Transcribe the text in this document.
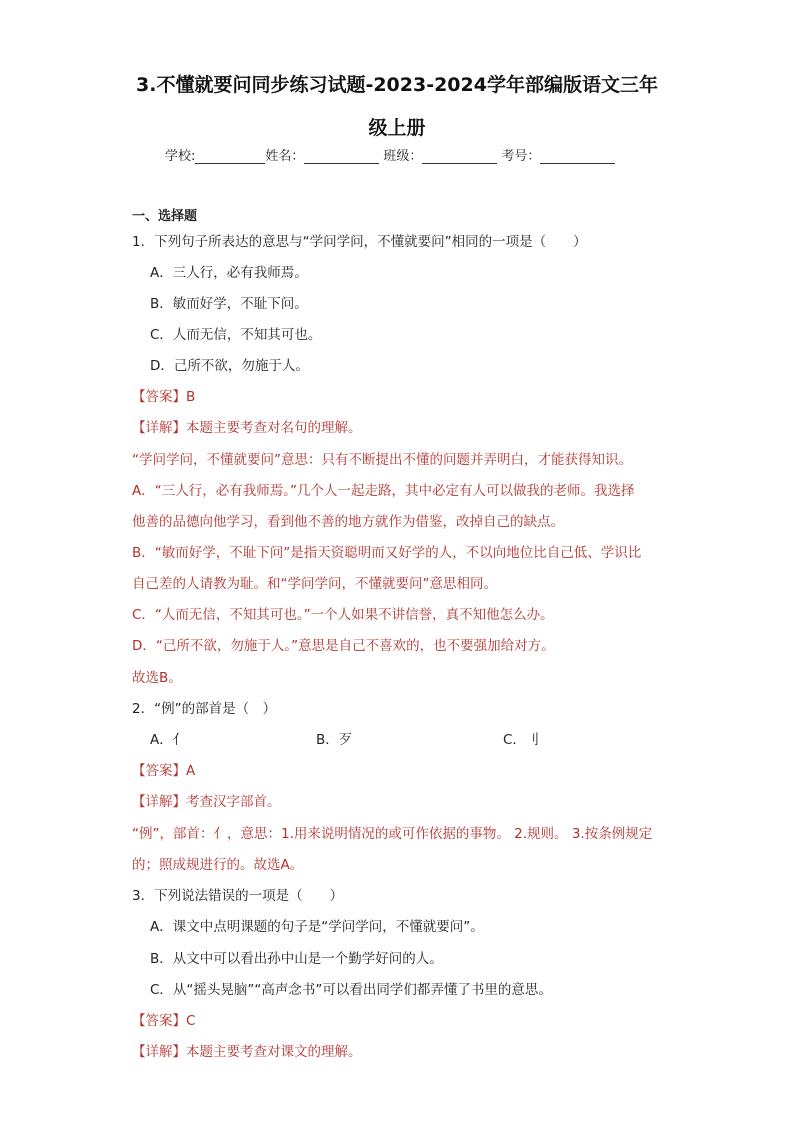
3.不懂就要问同步练习试题-2023-2024学年部编版语文三年
级上册
学校:	姓名：	班级：	考号：
一、选择题
1．下列句子所表达的意思与“学问学问，不懂就要问”相同的一项是（　　）
A．三人行，必有我师焉。
B．敏而好学，不耻下问。
C．人而无信，不知其可也。
D．己所不欲，勿施于人。
【答案】B
【详解】本题主要考查对名句的理解。
“学问学问，不懂就要问”意思：只有不断提出不懂的问题并弄明白，才能获得知识。
A．“三人行，必有我师焉。”几个人一起走路，其中必定有人可以做我的老师。我选择
他善的品德向他学习，看到他不善的地方就作为借鉴，改掉自己的缺点。
B．“敏而好学，不耻下问”是指天资聪明而又好学的人，不以向地位比自己低、学识比
自己差的人请教为耻。和“学问学问，不懂就要问”意思相同。
C．“人而无信，不知其可也。”一个人如果不讲信誉，真不知他怎么办。
D．“己所不欲，勿施于人。”意思是自己不喜欢的，也不要强加给对方。
故选B。
2．“例”的部首是（　）
A．亻	B．歹	C．刂
【答案】A
【详解】考查汉字部首。
“例”，部首：亻，意思：1.用来说明情况的或可作依据的事物。 2.规则。 3.按条例规定
的；照成规进行的。故选A。
3．下列说法错误的一项是（　　）
A．课文中点明课题的句子是“学问学问，不懂就要问”。
B．从文中可以看出孙中山是一个勤学好问的人。
C．从“摇头晃脑”“高声念书”可以看出同学们都弄懂了书里的意思。
【答案】C
【详解】本题主要考查对课文的理解。
